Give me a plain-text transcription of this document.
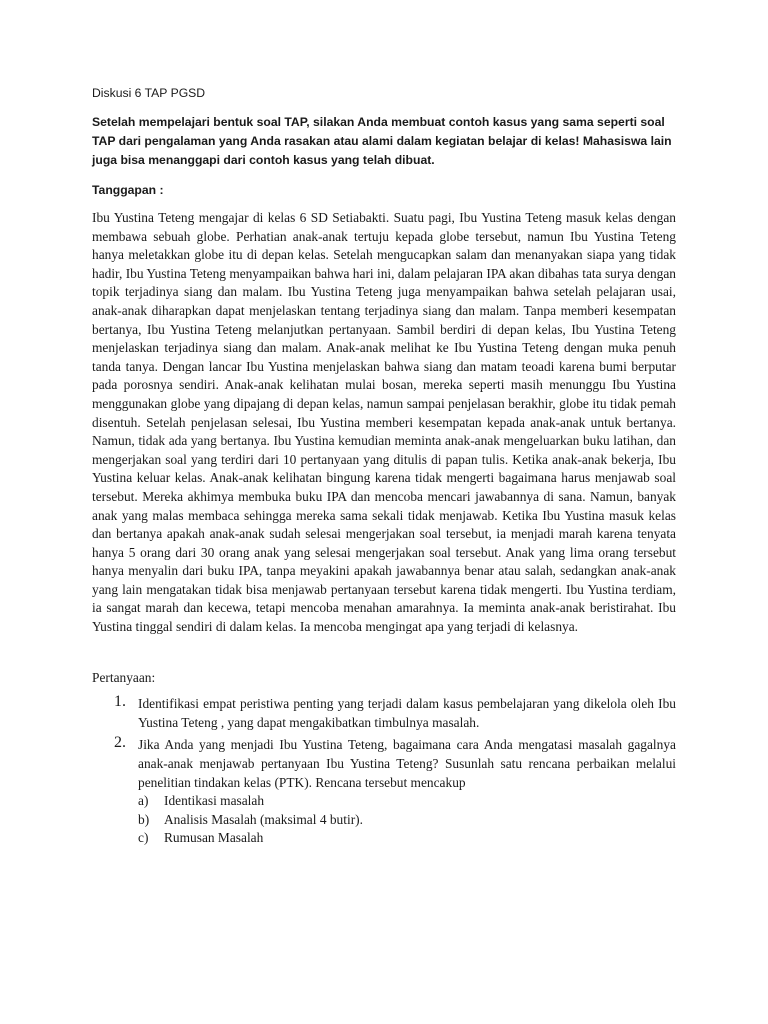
Diskusi 6 TAP PGSD

Setelah mempelajari bentuk soal TAP, silakan Anda membuat contoh kasus yang sama seperti soal TAP dari pengalaman yang Anda rasakan atau alami dalam kegiatan belajar di kelas! Mahasiswa lain juga bisa menanggapi dari contoh kasus yang telah dibuat.

Tanggapan :

Ibu Yustina Teteng mengajar di kelas 6 SD Setiabakti. Suatu pagi, Ibu Yustina Teteng masuk kelas dengan membawa sebuah globe. Perhatian anak-anak tertuju kepada globe tersebut, namun Ibu Yustina Teteng hanya meletakkan globe itu di depan kelas. Setelah mengucapkan salam dan menanyakan siapa yang tidak hadir, Ibu Yustina Teteng menyampaikan bahwa hari ini, dalam pelajaran IPA akan dibahas tata surya dengan topik terjadinya siang dan malam. Ibu Yustina Teteng juga menyampaikan bahwa setelah pelajaran usai, anak-anak diharapkan dapat menjelaskan tentang terjadinya siang dan malam. Tanpa memberi kesempatan bertanya, Ibu Yustina Teteng melanjutkan pertanyaan. Sambil berdiri di depan kelas, Ibu Yustina Teteng menjelaskan terjadinya siang dan malam. Anak-anak melihat ke Ibu Yustina Teteng dengan muka penuh tanda tanya. Dengan lancar Ibu Yustina menjelaskan bahwa siang dan matam teoadi karena bumi berputar pada porosnya sendiri. Anak-anak kelihatan mulai bosan, mereka seperti masih menunggu Ibu Yustina menggunakan globe yang dipajang di depan kelas, namun sampai penjelasan berakhir, globe itu tidak pemah disentuh. Setelah penjelasan selesai, Ibu Yustina memberi kesempatan kepada anak-anak untuk bertanya. Namun, tidak ada yang bertanya. Ibu Yustina kemudian meminta anak-anak mengeluarkan buku latihan, dan mengerjakan soal yang terdiri dari 10 pertanyaan yang ditulis di papan tulis. Ketika anak-anak bekerja, Ibu Yustina keluar kelas. Anak-anak kelihatan bingung karena tidak mengerti bagaimana harus menjawab soal tersebut. Mereka akhimya membuka buku IPA dan mencoba mencari jawabannya di sana. Namun, banyak anak yang malas membaca sehingga mereka sama sekali tidak menjawab. Ketika Ibu Yustina masuk kelas dan bertanya apakah anak-anak sudah selesai mengerjakan soal tersebut, ia menjadi marah karena tenyata hanya 5 orang dari 30 orang anak yang selesai mengerjakan soal tersebut. Anak yang lima orang tersebut hanya menyalin dari buku IPA, tanpa meyakini apakah jawabannya benar atau salah, sedangkan anak-anak yang lain mengatakan tidak bisa menjawab pertanyaan tersebut karena tidak mengerti. Ibu Yustina terdiam, ia sangat marah dan kecewa, tetapi mencoba menahan amarahnya. Ia meminta anak-anak beristirahat. Ibu Yustina tinggal sendiri di dalam kelas. Ia mencoba mengingat apa yang terjadi di kelasnya.

Pertanyaan:

1. Identifikasi empat peristiwa penting yang terjadi dalam kasus pembelajaran yang dikelola oleh Ibu Yustina Teteng , yang dapat mengakibatkan timbulnya masalah.
2. Jika Anda yang menjadi Ibu Yustina Teteng, bagaimana cara Anda mengatasi masalah gagalnya anak-anak menjawab pertanyaan Ibu Yustina Teteng? Susunlah satu rencana perbaikan melalui penelitian tindakan kelas (PTK). Rencana tersebut mencakup
a) Identikasi masalah
b) Analisis Masalah (maksimal 4 butir).
c) Rumusan Masalah
